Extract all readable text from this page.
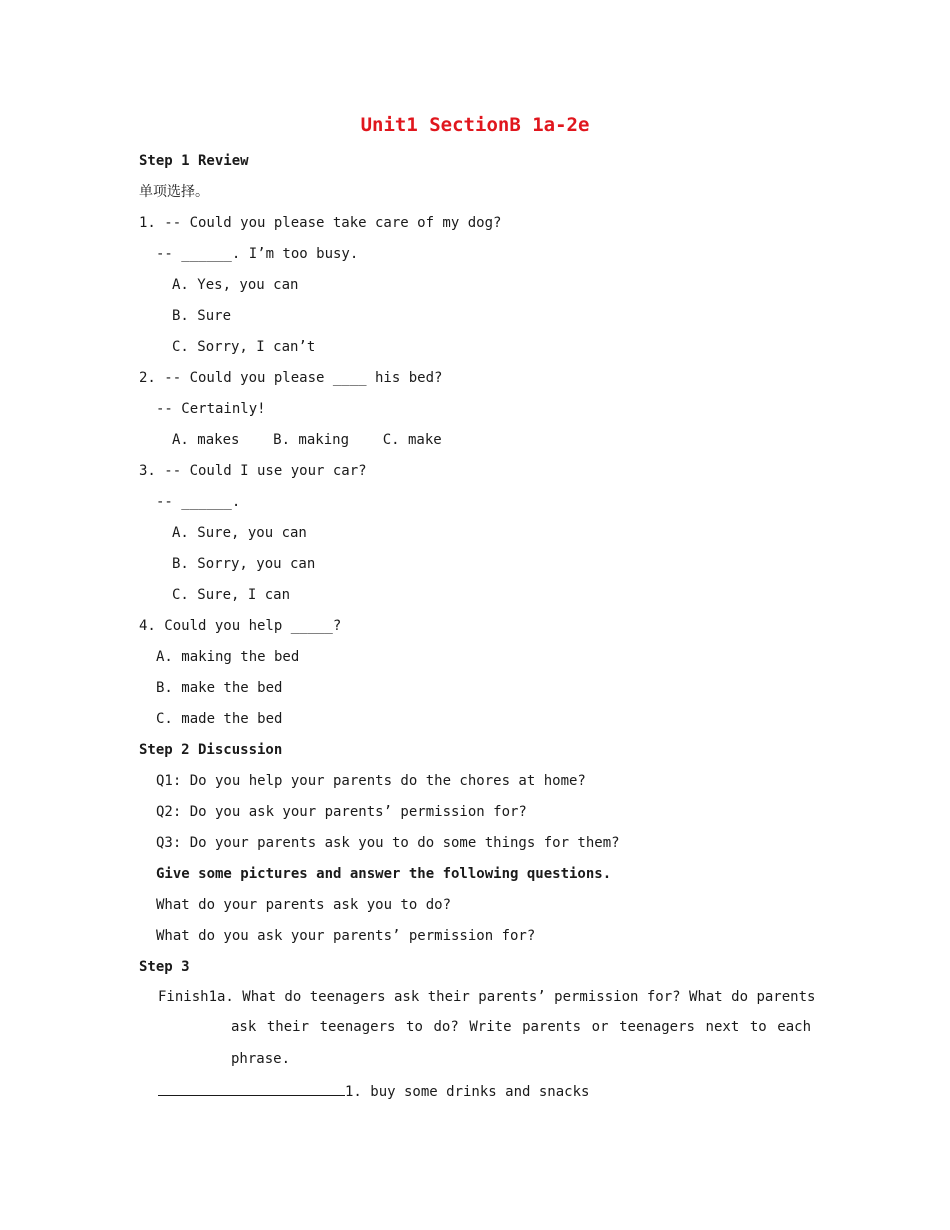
Unit1 SectionB 1a-2e
Step 1 Review
单项选择。
1. -- Could you please take care of my dog?
-- ______. I’m too busy.
A. Yes, you can
B. Sure
C. Sorry, I can’t
2. -- Could you please ____ his bed?
-- Certainly!
A. makes    B. making    C. make
3. -- Could I use your car?
-- ______.
A. Sure, you can
B. Sorry, you can
C. Sure, I can
4. Could you help _____?
A. making the bed
B. make the bed
C. made the bed
Step 2 Discussion
Q1: Do you help your parents do the chores at home?
Q2: Do you ask your parents’ permission for?
Q3: Do your parents ask you to do some things for them?
Give some pictures and answer the following questions.
What do your parents ask you to do?
What do you ask your parents’ permission for?
Step 3
Finish1a. What do teenagers ask their parents’ permission for? What do parents
ask their teenagers to do? Write parents or teenagers next to each
phrase.
1. buy some drinks and snacks
